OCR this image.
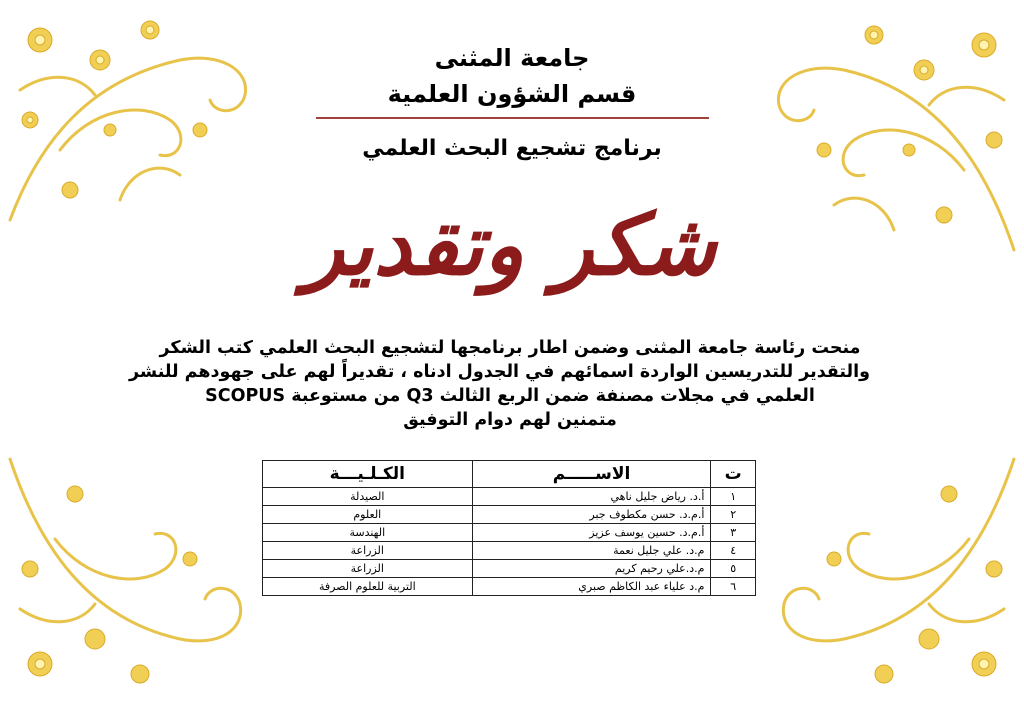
جامعة المثنى
قسم الشؤون العلمية
برنامج تشجيع البحث العلمي
شكر وتقدير
منحت رئاسة جامعة المثنى وضمن اطار برنامجها لتشجيع البحث العلمي كتب الشكر
والتقدير للتدريسين الواردة اسمائهم في الجدول ادناه ، تقديراً لهم على جهودهم للنشر
العلمي في مجلات مصنفة ضمن الربع الثالث Q3 من مستوعبة SCOPUS
متمنين لهم دوام التوفيق
ت	الاســـــم	الكـلـيـــة
١	أ.د. رياض جليل ناهي	الصيدلة
٢	أ.م.د. حسن مكطوف جبر	العلوم
٣	أ.م.د. حسين يوسف عزيز	الهندسة
٤	م.د. علي جليل نعمة	الزراعة
٥	م.د.علي رحيم كريم	الزراعة
٦	م.د علياء عبد الكاظم صبري	التربية للعلوم الصرفة
